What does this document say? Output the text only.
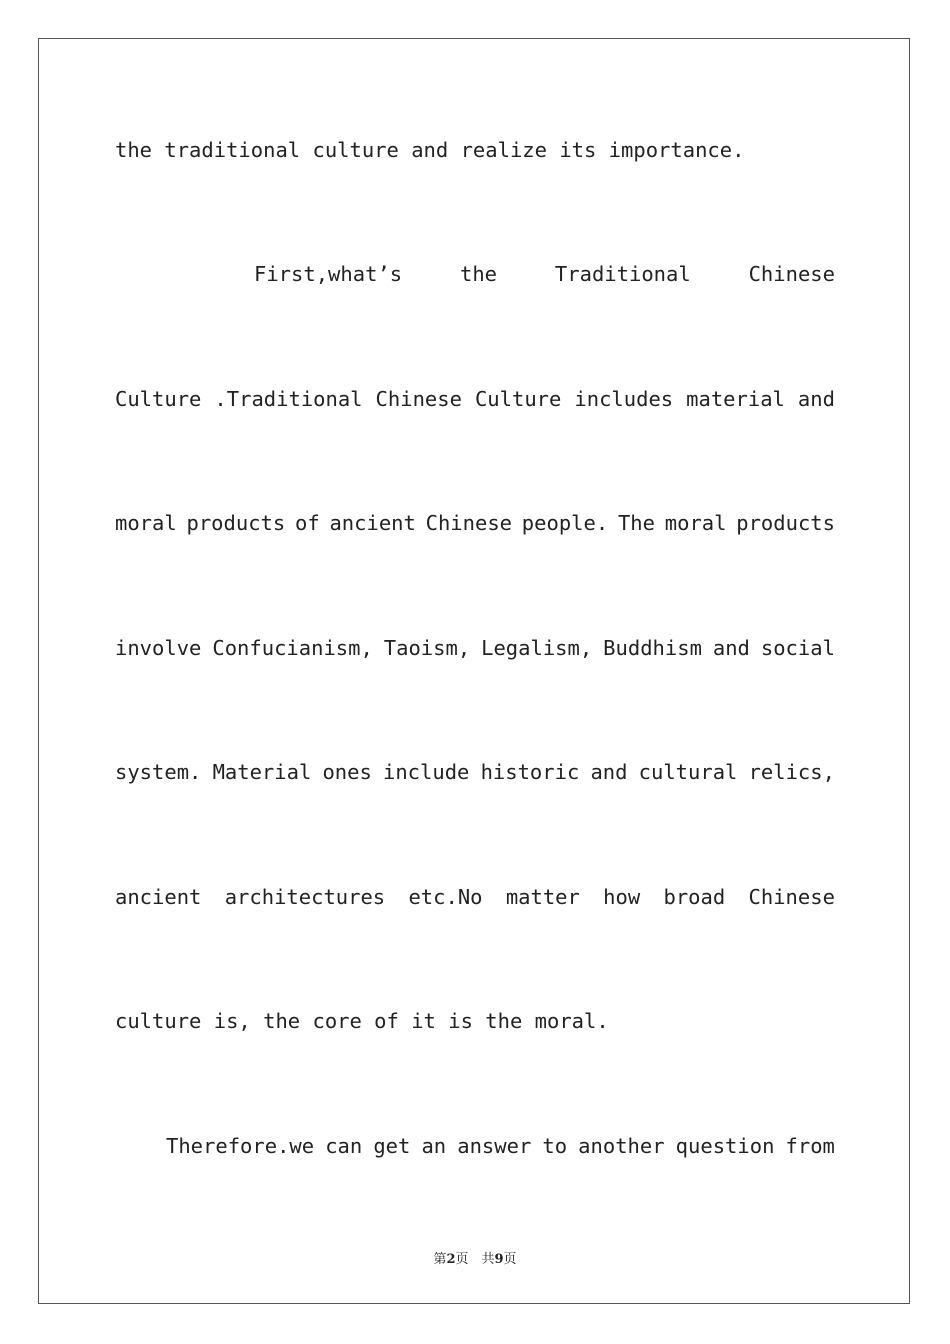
the traditional culture and realize its importance.
First,what’s	the	Traditional	Chinese
Culture .Traditional Chinese Culture includes material and
moral products of ancient Chinese people. The moral products
involve Confucianism, Taoism, Legalism, Buddhism and social
system. Material ones include historic and cultural relics,
ancient architectures etc.No matter how broad Chinese
culture is, the core of it is the moral.
Therefore.we can get an answer to another question from
第2页　共9页
